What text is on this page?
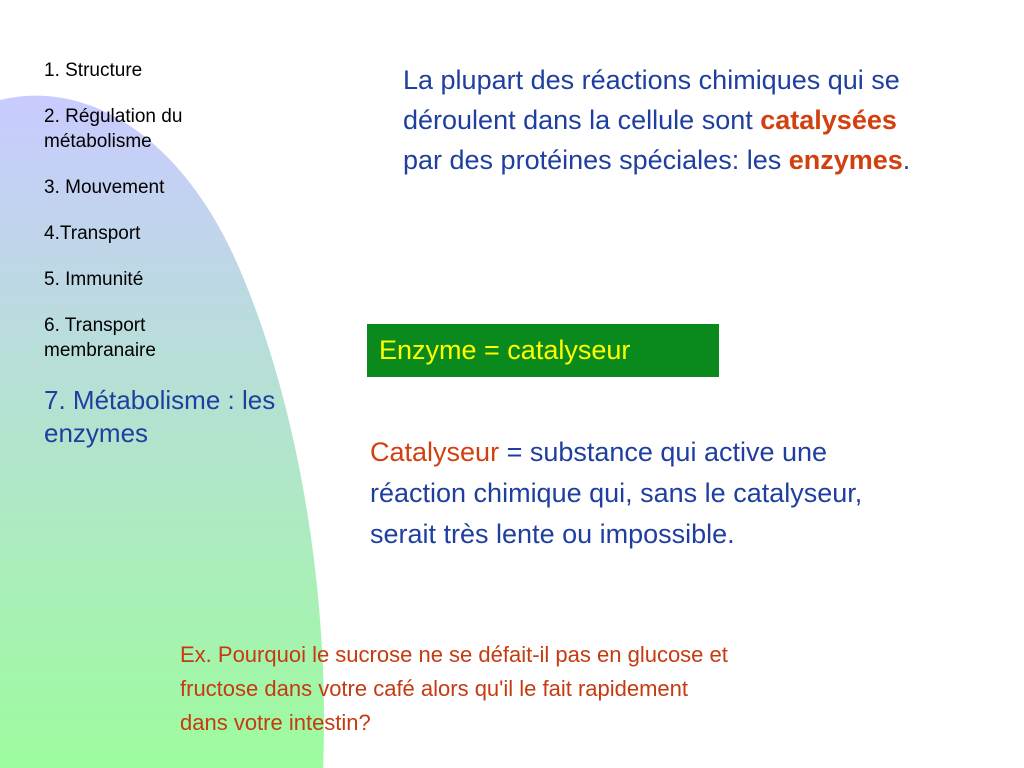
1. Structure
2. Régulation du métabolisme
3. Mouvement
4.Transport
5. Immunité
6. Transport membranaire
7. Métabolisme : les enzymes
La plupart des réactions chimiques qui se déroulent dans la cellule sont catalysées par des protéines spéciales: les enzymes.
Enzyme = catalyseur
Catalyseur = substance qui active une réaction chimique qui, sans le catalyseur, serait très lente ou impossible.
Ex. Pourquoi le sucrose ne se défait-il pas en glucose et
fructose dans votre café alors qu'il le fait rapidement
dans votre intestin?
